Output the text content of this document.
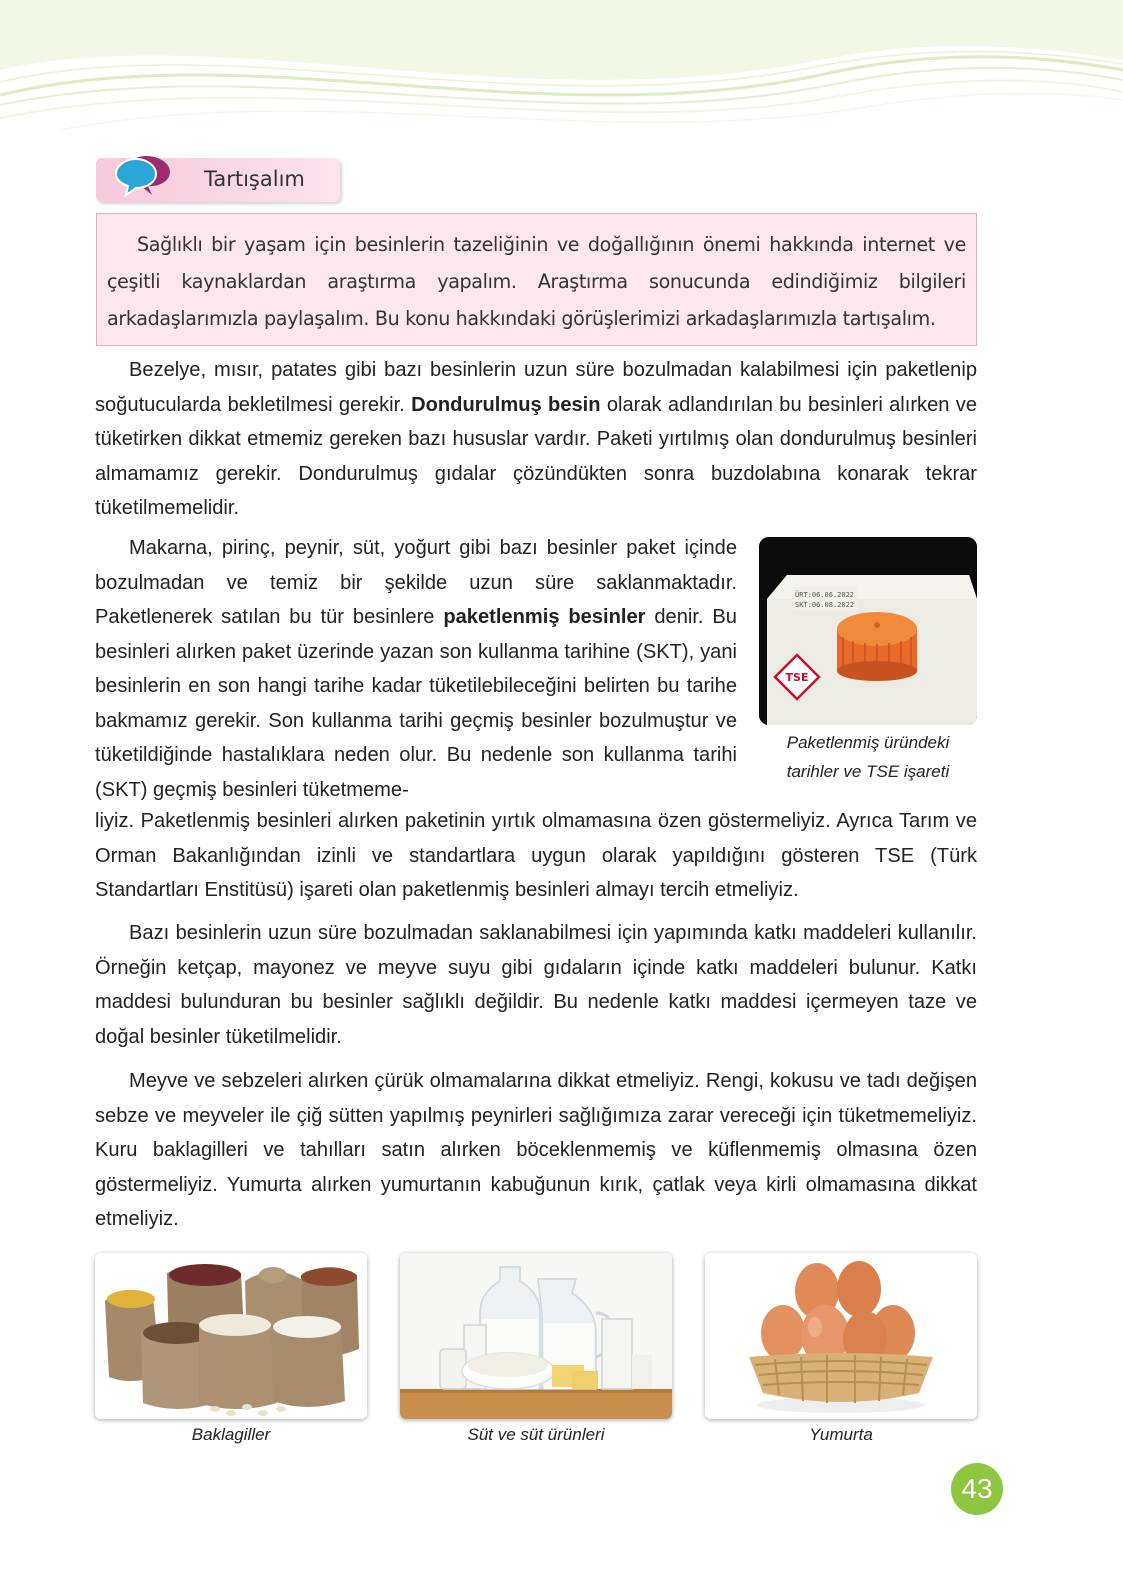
Tartışalım
Sağlıklı bir yaşam için besinlerin tazeliğinin ve doğallığının önemi hakkında internet ve çeşitli kaynaklardan araştırma yapalım. Araştırma sonucunda edindiğimiz bilgileri arkadaşlarımızla paylaşalım. Bu konu hakkındaki görüşlerimizi arkadaşlarımızla tartışalım.
Bezelye, mısır, patates gibi bazı besinlerin uzun süre bozulmadan kalabilmesi için paketlenip soğutucularda bekletilmesi gerekir. Dondurulmuş besin olarak adlandırılan bu besinleri alırken ve tüketirken dikkat etmemiz gereken bazı hususlar vardır. Paketi yırtılmış olan dondurulmuş besinleri almamamız gerekir. Dondurulmuş gıdalar çözündükten sonra buzdolabına konarak tekrar tüketilmemelidir.
Makarna, pirinç, peynir, süt, yoğurt gibi bazı besinler paket içinde bozulmadan ve temiz bir şekilde uzun süre saklanmaktadır. Paketlenerek satılan bu tür besinlere paketlenmiş besinler denir. Bu besinleri alırken paket üzerinde yazan son kullanma tarihine (SKT), yani besinlerin en son hangi tarihe kadar tüketilebileceğini belirten bu tarihe bakmamız gerekir. Son kullanma tarihi geçmiş besinler bozulmuştur ve tüketildiğinde hastalıklara neden olur. Bu nedenle son kullanma tarihi (SKT) geçmiş besinleri tüketmeme-
liyiz. Paketlenmiş besinleri alırken paketinin yırtık olmamasına özen göstermeliyiz. Ayrıca Tarım ve Orman Bakanlığından izinli ve standartlara uygun olarak yapıldığını gösteren TSE (Türk Standartları Enstitüsü) işareti olan paketlenmiş besinleri almayı tercih etmeliyiz.
ÜRT:06.06.2022
SKT:06.08.2022
TSE
Paketlenmiş üründeki
tarihler ve TSE işareti
Bazı besinlerin uzun süre bozulmadan saklanabilmesi için yapımında katkı maddeleri kullanılır. Örneğin ketçap, mayonez ve meyve suyu gibi gıdaların içinde katkı maddeleri bulunur. Katkı maddesi bulunduran bu besinler sağlıklı değildir. Bu nedenle katkı maddesi içermeyen taze ve doğal besinler tüketilmelidir.
Meyve ve sebzeleri alırken çürük olmamalarına dikkat etmeliyiz. Rengi, kokusu ve tadı değişen sebze ve meyveler ile çiğ sütten yapılmış peynirleri sağlığımıza zarar vereceği için tüketmemeliyiz. Kuru baklagilleri ve tahılları satın alırken böceklenmemiş ve küflenmemiş olmasına özen göstermeliyiz. Yumurta alırken yumurtanın kabuğunun kırık, çatlak veya kirli olmamasına dikkat etmeliyiz.
Baklagiller	Süt ve süt ürünleri	Yumurta
43
